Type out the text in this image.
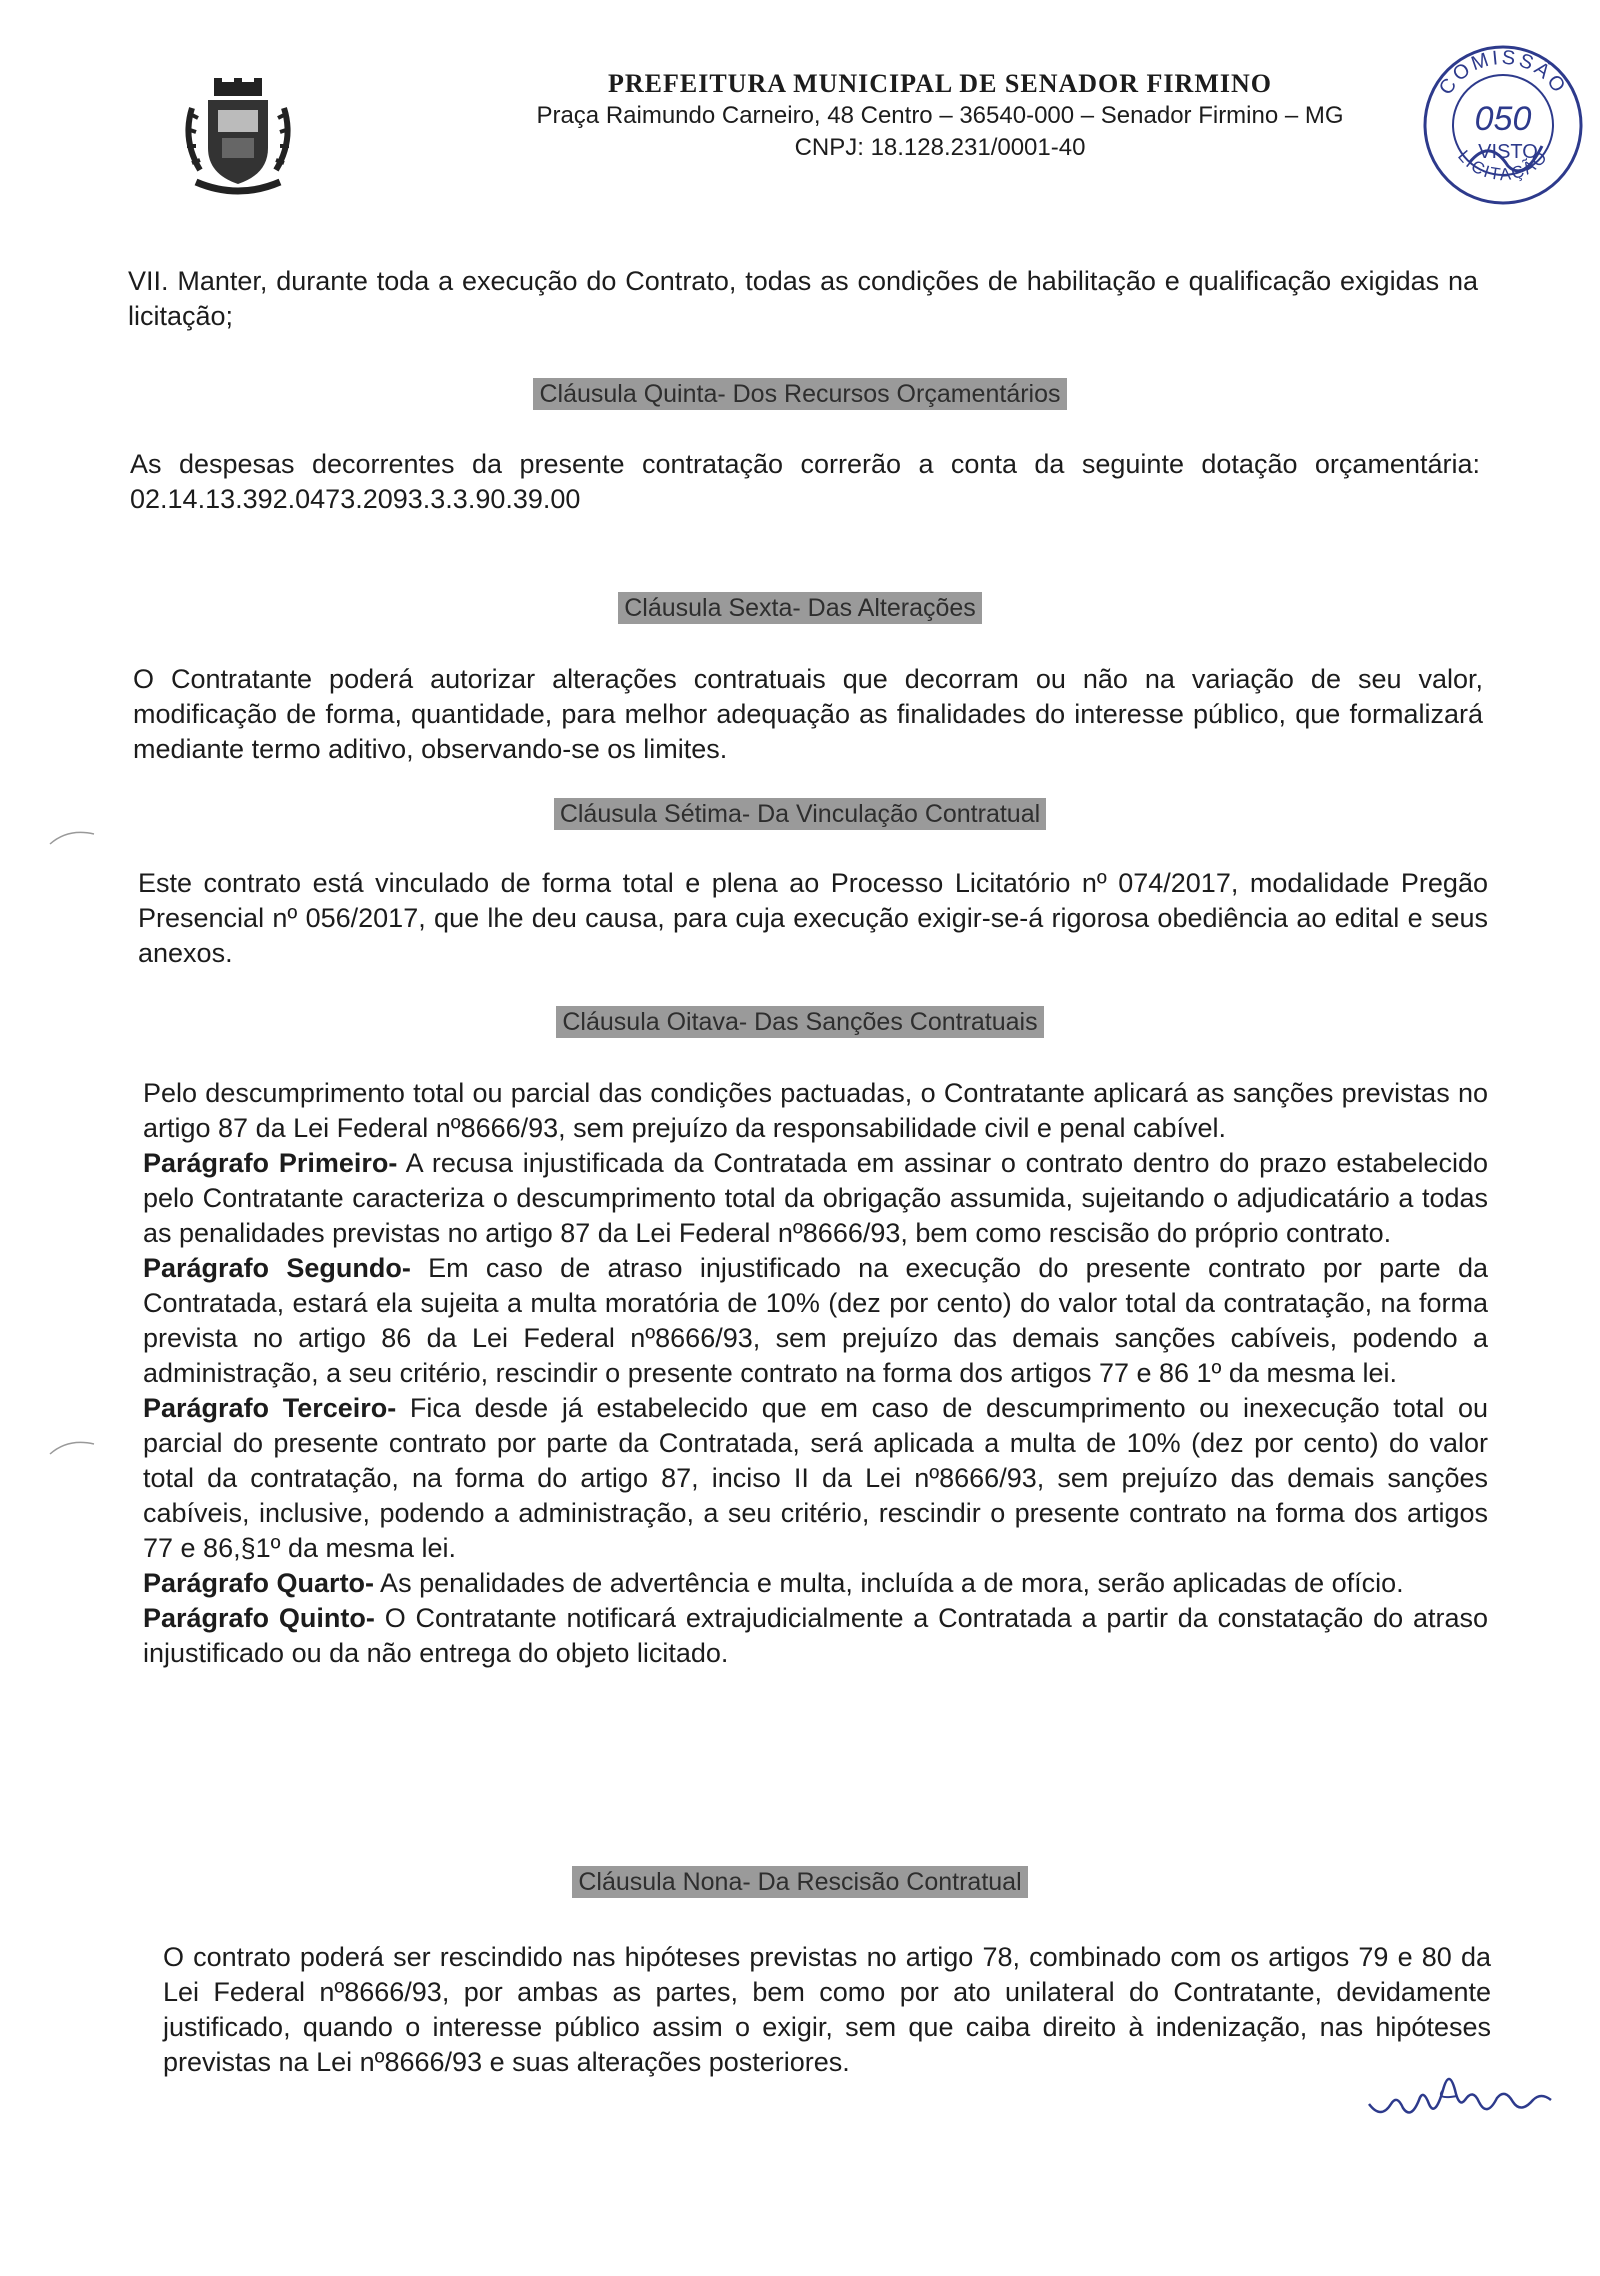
PREFEITURA MUNICIPAL DE SENADOR FIRMINO
Praça Raimundo Carneiro, 48 Centro – 36540-000 – Senador Firmino – MG
CNPJ: 18.128.231/0001-40
COMISSÃO
LICITAÇÃO
050
VISTO
VII. Manter, durante toda a execução do Contrato, todas as condições de habilitação e qualificação exigidas na licitação;
Cláusula Quinta- Dos Recursos Orçamentários
As despesas decorrentes da presente contratação correrão a conta da seguinte dotação orçamentária: 02.14.13.392.0473.2093.3.3.90.39.00
Cláusula Sexta- Das Alterações
O Contratante poderá autorizar alterações contratuais que decorram ou não na variação de seu valor, modificação de forma, quantidade, para melhor adequação as finalidades do interesse público, que formalizará mediante termo aditivo, observando-se os limites.
Cláusula Sétima- Da Vinculação Contratual
Este contrato está vinculado de forma total e plena ao Processo Licitatório nº 074/2017, modalidade Pregão Presencial nº 056/2017, que lhe deu causa, para cuja execução exigir-se-á rigorosa obediência ao edital e seus anexos.
Cláusula Oitava- Das Sanções Contratuais
Pelo descumprimento total ou parcial das condições pactuadas, o Contratante aplicará as sanções previstas no artigo 87 da Lei Federal nº8666/93, sem prejuízo da responsabilidade civil e penal cabível.
Parágrafo Primeiro- A recusa injustificada da Contratada em assinar o contrato dentro do prazo estabelecido pelo Contratante caracteriza o descumprimento total da obrigação assumida, sujeitando o adjudicatário a todas as penalidades previstas no artigo 87 da Lei Federal nº8666/93, bem como rescisão do próprio contrato.
Parágrafo Segundo- Em caso de atraso injustificado na execução do presente contrato por parte da Contratada, estará ela sujeita a multa moratória de 10% (dez por cento) do valor total da contratação, na forma prevista no artigo 86 da Lei Federal nº8666/93, sem prejuízo das demais sanções cabíveis, podendo a administração, a seu critério, rescindir o presente contrato na forma dos artigos 77 e 86 1º da mesma lei.
Parágrafo Terceiro- Fica desde já estabelecido que em caso de descumprimento ou inexecução total ou parcial do presente contrato por parte da Contratada, será aplicada a multa de 10% (dez por cento) do valor total da contratação, na forma do artigo 87, inciso II da Lei nº8666/93, sem prejuízo das demais sanções cabíveis, inclusive, podendo a administração, a seu critério, rescindir o presente contrato na forma dos artigos 77 e 86,§1º da mesma lei.
Parágrafo Quarto- As penalidades de advertência e multa, incluída a de mora, serão aplicadas de ofício.
Parágrafo Quinto- O Contratante notificará extrajudicialmente a Contratada a partir da constatação do atraso injustificado ou da não entrega do objeto licitado.
Cláusula Nona- Da Rescisão Contratual
O contrato poderá ser rescindido nas hipóteses previstas no artigo 78, combinado com os artigos 79 e 80 da Lei Federal nº8666/93, por ambas as partes, bem como por ato unilateral do Contratante, devidamente justificado, quando o interesse público assim o exigir, sem que caiba direito à indenização, nas hipóteses previstas na Lei nº8666/93 e suas alterações posteriores.
